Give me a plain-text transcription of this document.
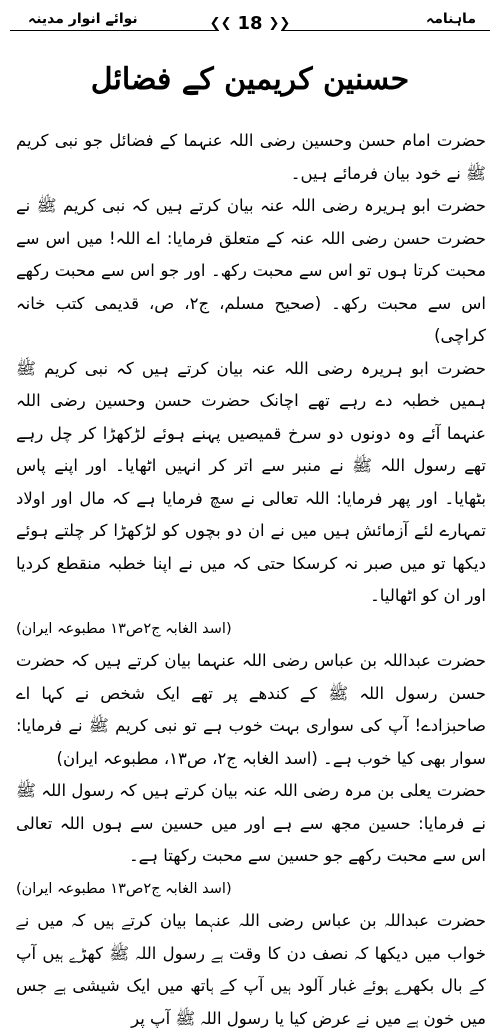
ماہنامہ
❮❮ 18 ❯❯
نوائے انوار مدینہ
حسنین کریمین کے فضائل

حضرت امام حسن وحسین رضی اللہ عنہما کے فضائل جو نبی کریم ﷺ نے خود بیان فرمائے ہیں۔

حضرت ابو ہریرہ رضی اللہ عنہ بیان کرتے ہیں کہ نبی کریم ﷺ نے حضرت حسن رضی اللہ عنہ کے متعلق فرمایا: اے اللہ! میں اس سے محبت کرتا ہوں تو اس سے محبت رکھ۔ اور جو اس سے محبت رکھے اس سے محبت رکھ۔ (صحیح مسلم، ج۲، ص، قدیمی کتب خانہ کراچی)

حضرت ابو ہریرہ رضی اللہ عنہ بیان کرتے ہیں کہ نبی کریم ﷺ ہمیں خطبہ دے رہے تھے اچانک حضرت حسن وحسین رضی اللہ عنہما آئے وہ دونوں دو سرخ قمیصیں پہنے ہوئے لڑکھڑا کر چل رہے تھے رسول اللہ ﷺ نے منبر سے اتر کر انہیں اٹھایا۔ اور اپنے پاس بٹھایا۔ اور پھر فرمایا: اللہ تعالی نے سچ فرمایا ہے کہ مال اور اولاد تمہارے لئے آزمائش ہیں میں نے ان دو بچوں کو لڑکھڑا کر چلتے ہوئے دیکھا تو میں صبر نہ کرسکا حتی کہ میں نے اپنا خطبہ منقطع کردیا اور ان کو اٹھالیا۔

(اسد الغابہ ج۲ص۱۳ مطبوعہ ایران)

حضرت عبداللہ بن عباس رضی اللہ عنہما بیان کرتے ہیں کہ حضرت حسن رسول اللہ ﷺ کے کندھے پر تھے ایک شخص نے کہا اے صاحبزادے! آپ کی سواری بہت خوب ہے تو نبی کریم ﷺ نے فرمایا: سوار بھی کیا خوب ہے۔ (اسد الغابہ ج۲، ص۱۳، مطبوعہ ایران)

حضرت یعلی بن مرہ رضی اللہ عنہ بیان کرتے ہیں کہ رسول اللہ ﷺ نے فرمایا: حسین مجھ سے ہے اور میں حسین سے ہوں اللہ تعالی اس سے محبت رکھے جو حسین سے محبت رکھتا ہے۔

(اسد الغابہ ج۲ص۱۳ مطبوعہ ایران)

حضرت عبداللہ بن عباس رضی اللہ عنہما بیان کرتے ہیں کہ میں نے خواب میں دیکھا کہ نصف دن کا وقت ہے رسول اللہ ﷺ کھڑے ہیں آپ کے بال بکھرے ہوئے غبار آلود ہیں آپ کے ہاتھ میں ایک شیشی ہے جس میں خون ہے میں نے عرض کیا یا رسول اللہ ﷺ آپ پر
